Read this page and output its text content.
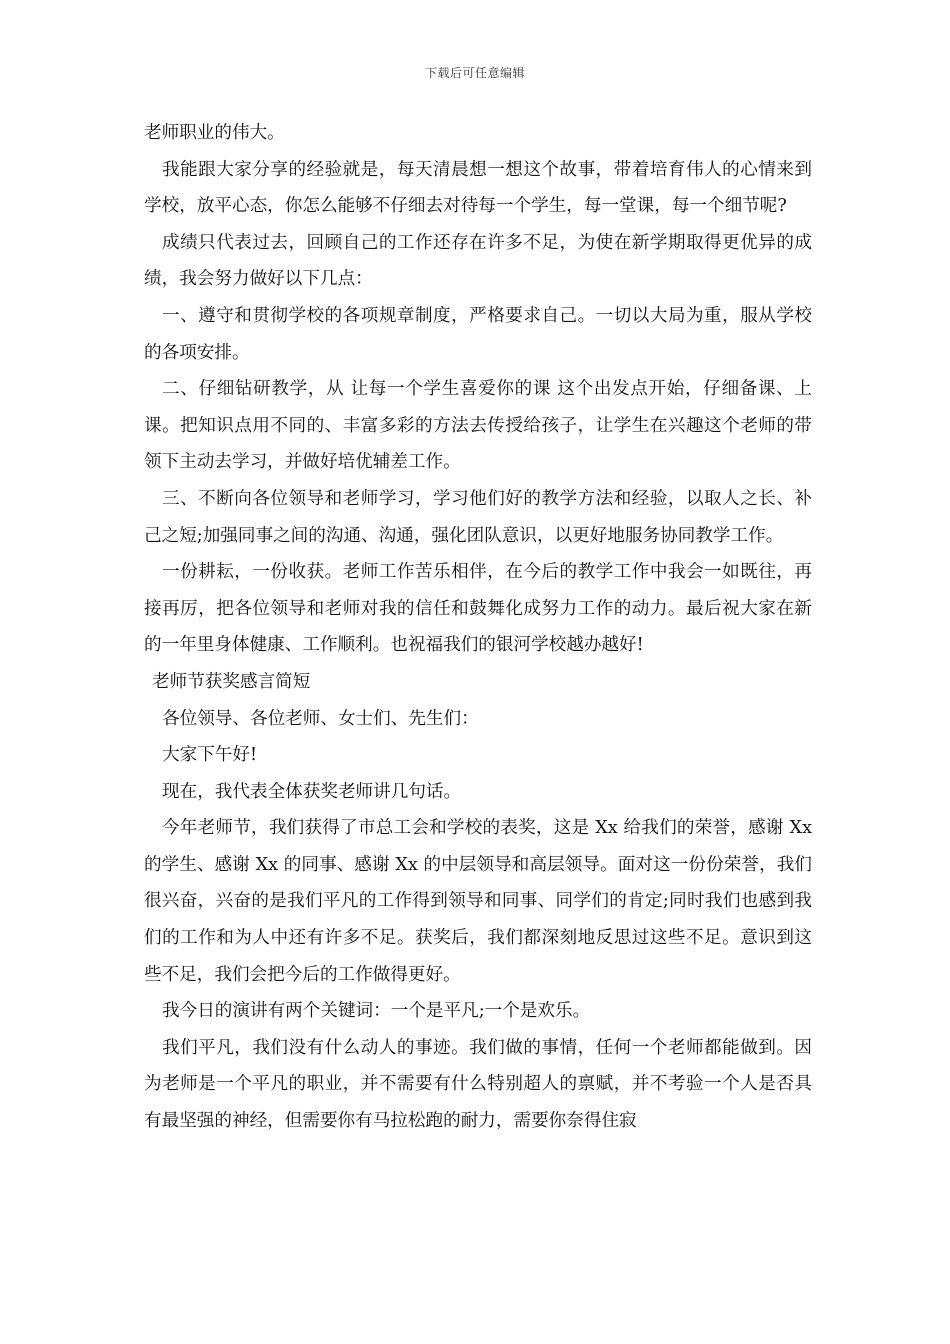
下载后可任意编辑

老师职业的伟大。

我能跟大家分享的经验就是，每天清晨想一想这个故事，带着培育伟人的心情来到学校，放平心态，你怎么能够不仔细去对待每一个学生，每一堂课，每一个细节呢?

成绩只代表过去，回顾自己的工作还存在许多不足，为使在新学期取得更优异的成绩，我会努力做好以下几点：

一、遵守和贯彻学校的各项规章制度，严格要求自己。一切以大局为重，服从学校的各项安排。

二、仔细钻研教学，从 让每一个学生喜爱你的课 这个出发点开始，仔细备课、上课。把知识点用不同的、丰富多彩的方法去传授给孩子，让学生在兴趣这个老师的带领下主动去学习，并做好培优辅差工作。

三、不断向各位领导和老师学习，学习他们好的教学方法和经验，以取人之长、补己之短;加强同事之间的沟通、沟通，强化团队意识，以更好地服务协同教学工作。

一份耕耘，一份收获。老师工作苦乐相伴，在今后的教学工作中我会一如既往，再接再厉，把各位领导和老师对我的信任和鼓舞化成努力工作的动力。最后祝大家在新的一年里身体健康、工作顺利。也祝福我们的银河学校越办越好!

老师节获奖感言简短

各位领导、各位老师、女士们、先生们：

大家下午好!

现在，我代表全体获奖老师讲几句话。

今年老师节，我们获得了市总工会和学校的表奖，这是 Xx 给我们的荣誉，感谢 Xx 的学生、感谢 Xx 的同事、感谢 Xx 的中层领导和高层领导。面对这一份份荣誉，我们很兴奋，兴奋的是我们平凡的工作得到领导和同事、同学们的肯定;同时我们也感到我们的工作和为人中还有许多不足。获奖后，我们都深刻地反思过这些不足。意识到这些不足，我们会把今后的工作做得更好。

我今日的演讲有两个关键词：一个是平凡;一个是欢乐。

我们平凡，我们没有什么动人的事迹。我们做的事情，任何一个老师都能做到。因为老师是一个平凡的职业，并不需要有什么特别超人的禀赋，并不考验一个人是否具有最坚强的神经，但需要你有马拉松跑的耐力，需要你奈得住寂
